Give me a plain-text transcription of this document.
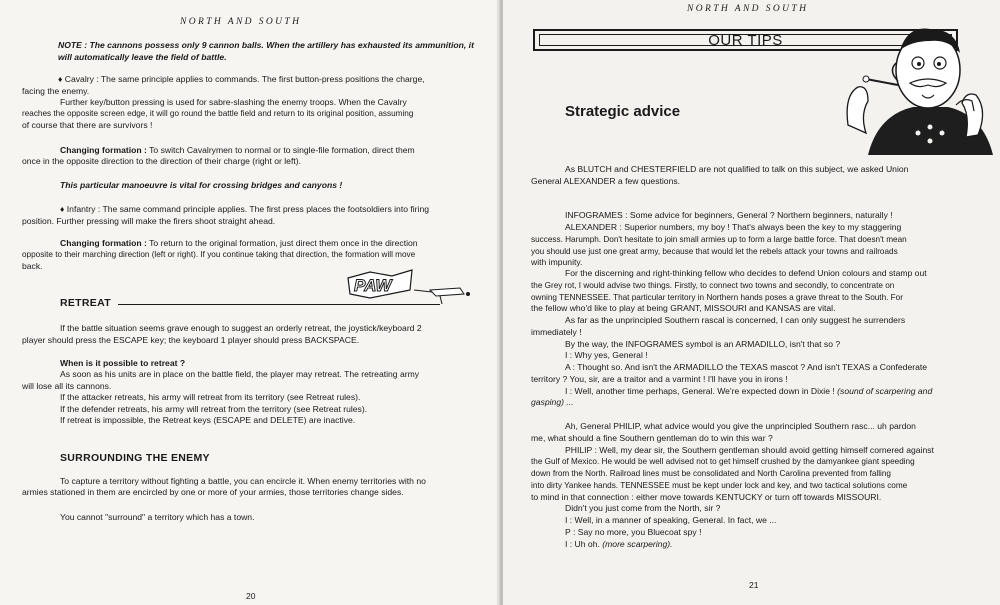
NORTH AND SOUTH
NOTE : The cannons possess only 9 cannon balls. When the artillery has exhausted its ammunition, it will automatically leave the field of battle.
♦ Cavalry : The same principle applies to commands. The first button-press positions the charge,
facing the enemy.
Further key/button pressing is used for sabre-slashing the enemy troops. When the Cavalry
reaches the opposite screen edge, it will go round the battle field and return to its original position, assuming
of course that there are survivors !
Changing formation : To switch Cavalrymen to normal or to single-file formation, direct them
once in the opposite direction to the direction of their charge (right or left).
This particular manoeuvre is vital for crossing bridges and canyons !
♦ Infantry : The same command principle applies. The first press places the footsoldiers into firing
position. Further pressing will make the firers shoot straight ahead.
Changing formation : To return to the original formation, just direct them once in the direction
opposite to their marching direction (left or right). If you continue taking that direction, the formation will move
back.
PAW
RETREAT
If the battle situation seems grave enough to suggest an orderly retreat, the joystick/keyboard 2
player should press the ESCAPE key; the keyboard 1 player should press BACKSPACE.
When is it possible to retreat ?
As soon as his units are in place on the battle field, the player may retreat. The retreating army
will lose all its cannons.
If the attacker retreats, his army will retreat from its territory (see Retreat rules).
If the defender retreats, his army will retreat from the territory (see Retreat rules).
If retreat is impossible, the Retreat keys (ESCAPE and DELETE) are inactive.
SURROUNDING THE ENEMY
To capture a territory without fighting a battle, you can encircle it. When enemy territories with no
armies stationed in them are encircled by one or more of your armies, those territories change sides.
You cannot "surround" a territory which has a town.
20
NORTH AND SOUTH
OUR TIPS
Strategic advice
As BLUTCH and CHESTERFIELD are not qualified to talk on this subject, we asked Union
General ALEXANDER a few questions.
INFOGRAMES : Some advice for beginners, General ? Northern beginners, naturally !
ALEXANDER : Superior numbers, my boy ! That's always been the key to my staggering
success. Harumph. Don't hesitate to join small armies up to form a large battle force. That doesn't mean
you should use just one great army, because that would let the rebels attack your towns and railroads
with impunity.
For the discerning and right-thinking fellow who decides to defend Union colours and stamp out
the Grey rot, I would advise two things. Firstly, to connect two towns and secondly, to concentrate on
owning TENNESSEE. That particular territory in Northern hands poses a grave threat to the South. For
the fellow who'd like to play at being GRANT, MISSOURI and KANSAS are vital.
As far as the unprincipled Southern rascal is concerned, I can only suggest he surrenders
immediately !
By the way, the INFOGRAMES symbol is an ARMADILLO, isn't that so ?
I : Why yes, General !
A : Thought so. And isn't the ARMADILLO the TEXAS mascot ? And isn't TEXAS a Confederate
territory ? You, sir, are a traitor and a varmint ! I'll have you in irons !
I : Well, another time perhaps, General. We're expected down in Dixie ! (sound of scarpering and
gasping) ...
Ah, General PHILIP, what advice would you give the unprincipled Southern rasc... uh pardon
me, what should a fine Southern gentleman do to win this war ?
PHILIP : Well, my dear sir, the Southern gentleman should avoid getting himself cornered against
the Gulf of Mexico. He would be well advised not to get himself crushed by the damyankee giant speeding
down from the North. Railroad lines must be consolidated and North Carolina prevented from falling
into dirty Yankee hands. TENNESSEE must be kept under lock and key, and two tactical solutions come
to mind in that connection : either move towards KENTUCKY or turn off towards MISSOURI.
Didn't you just come from the North, sir ?
I : Well, in a manner of speaking, General. In fact, we ...
P : Say no more, you Bluecoat spy !
I : Uh oh. (more scarpering).
21
